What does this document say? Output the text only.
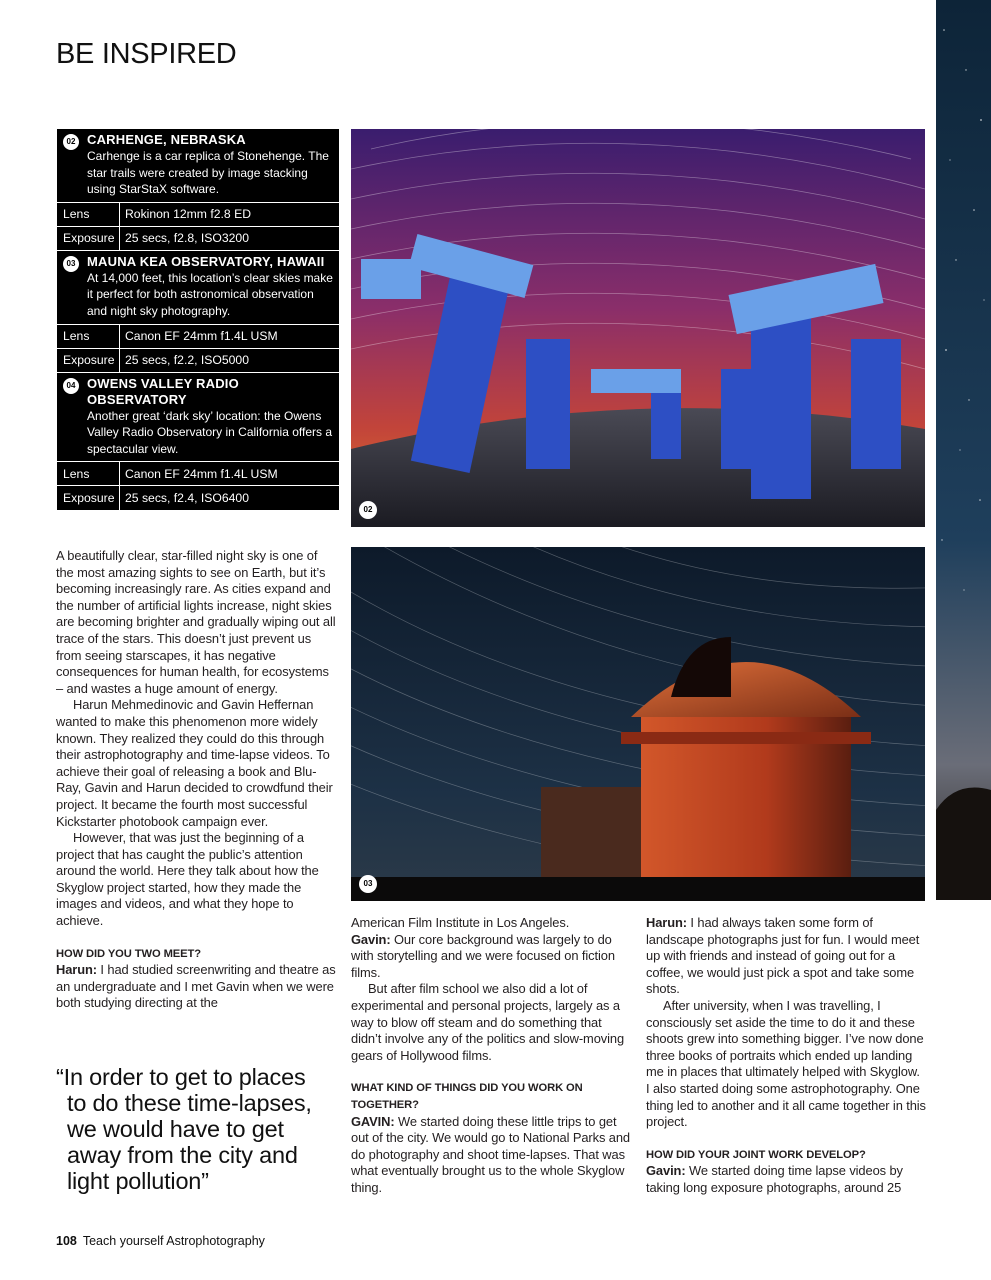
BE INSPIRED
02 CARHENGE, NEBRASKA
Carhenge is a car replica of Stonehenge. The star trails were created by image stacking using StarStaX software.
Lens	Rokinon 12mm f2.8 ED
Exposure 25 secs, f2.8, ISO3200
03 MAUNA KEA OBSERVATORY, HAWAII
At 14,000 feet, this location’s clear skies make it perfect for both astronomical observation and night sky photography.
Lens	Canon EF 24mm f1.4L USM
Exposure 25 secs, f2.2, ISO5000
04 OWENS VALLEY RADIO OBSERVATORY
Another great ‘dark sky’ location: the Owens Valley Radio Observatory in California offers a spectacular view.
Lens	Canon EF 24mm f1.4L USM
Exposure 25 secs, f2.4, ISO6400
02
03

A beautifully clear, star-filled night sky is one of the most amazing sights to see on Earth, but it’s becoming increasingly rare. As cities expand and the number of artificial lights increase, night skies are becoming brighter and gradually wiping out all trace of the stars. This doesn’t just prevent us from seeing starscapes, it has negative consequences for human health, for ecosystems – and wastes a huge amount of energy.

Harun Mehmedinovic and Gavin Heffernan wanted to make this phenomenon more widely known. They realized they could do this through their astrophotography and time-lapse videos. To achieve their goal of releasing a book and Blu-Ray, Gavin and Harun decided to crowdfund their project. It became the fourth most successful Kickstarter photobook campaign ever.

However, that was just the beginning of a project that has caught the public’s attention around the world. Here they talk about how the Skyglow project started, how they made the images and videos, and what they hope to achieve.

HOW DID YOU TWO MEET?

Harun: I had studied screenwriting and theatre as an undergraduate and I met Gavin when we were both studying directing at the

“In order to get to places
to do these time-lapses,
we would have to get
away from the city and
light pollution”

American Film Institute in Los Angeles.

Gavin: Our core background was largely to do with storytelling and we were focused on fiction films.

But after film school we also did a lot of experimental and personal projects, largely as a way to blow off steam and do something that didn’t involve any of the politics and slow-moving gears of Hollywood films.

WHAT KIND OF THINGS DID YOU WORK ON TOGETHER?

GAVIN: We started doing these little trips to get out of the city. We would go to National Parks and do photography and shoot time-lapses. That was what eventually brought us to the whole Skyglow thing.

Harun: I had always taken some form of landscape photographs just for fun. I would meet up with friends and instead of going out for a coffee, we would just pick a spot and take some shots.

After university, when I was travelling, I consciously set aside the time to do it and these shoots grew into something bigger. I’ve now done three books of portraits which ended up landing me in places that ultimately helped with Skyglow. I also started doing some astrophotography. One thing led to another and it all came together in this project.

HOW DID YOUR JOINT WORK DEVELOP?

Gavin: We started doing time lapse videos by taking long exposure photographs, around 25

108 Teach yourself Astrophotography
